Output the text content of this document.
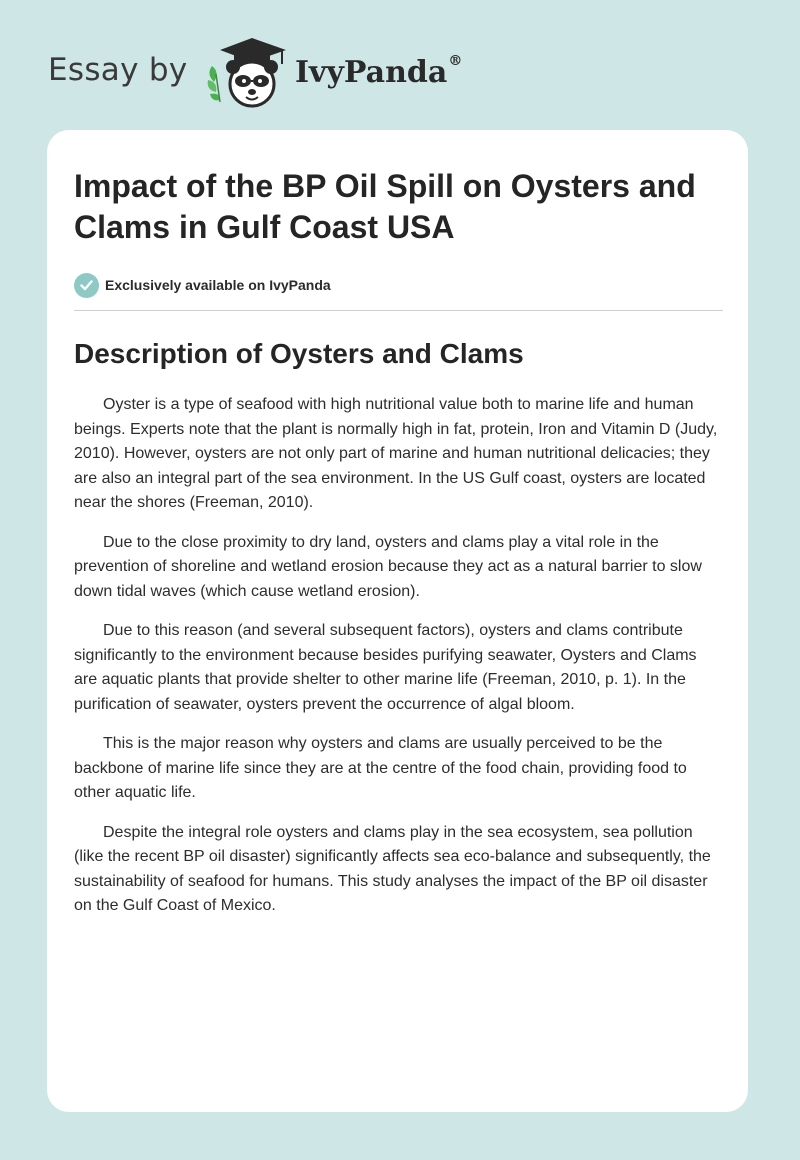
Essay by	IvyPanda®
Impact of the BP Oil Spill on Oysters and Clams in Gulf Coast USA
Exclusively available on IvyPanda
Description of Oysters and Clams

Oyster is a type of seafood with high nutritional value both to marine life and human beings. Experts note that the plant is normally high in fat, protein, Iron and Vitamin D (Judy, 2010). However, oysters are not only part of marine and human nutritional delicacies; they are also an integral part of the sea environment. In the US Gulf coast, oysters are located near the shores (Freeman, 2010).

Due to the close proximity to dry land, oysters and clams play a vital role in the prevention of shoreline and wetland erosion because they act as a natural barrier to slow down tidal waves (which cause wetland erosion).

Due to this reason (and several subsequent factors), oysters and clams contribute significantly to the environment because besides purifying seawater, Oysters and Clams are aquatic plants that provide shelter to other marine life (Freeman, 2010, p. 1). In the purification of seawater, oysters prevent the occurrence of algal bloom.

This is the major reason why oysters and clams are usually perceived to be the backbone of marine life since they are at the centre of the food chain, providing food to other aquatic life.

Despite the integral role oysters and clams play in the sea ecosystem, sea pollution (like the recent BP oil disaster) significantly affects sea eco-balance and subsequently, the sustainability of seafood for humans. This study analyses the impact of the BP oil disaster on the Gulf Coast of Mexico.
